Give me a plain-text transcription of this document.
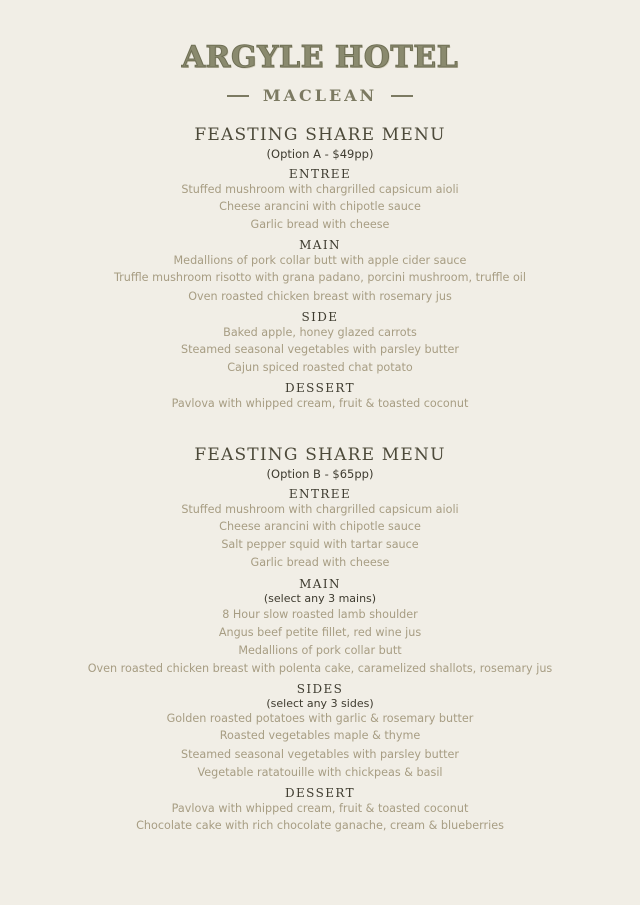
ARGYLE HOTEL
MACLEAN
FEASTING SHARE MENU
(Option A - $49pp)
ENTREE
Stuffed mushroom with chargrilled capsicum aioli
Cheese arancini with chipotle sauce
Garlic bread with cheese
MAIN
Medallions of pork collar butt with apple cider sauce
Truffle mushroom risotto with grana padano, porcini mushroom, truffle oil
Oven roasted chicken breast with rosemary jus
SIDE
Baked apple, honey glazed carrots
Steamed seasonal vegetables with parsley butter
Cajun spiced roasted chat potato
DESSERT
Pavlova with whipped cream, fruit & toasted coconut
FEASTING SHARE MENU
(Option B - $65pp)
ENTREE
Stuffed mushroom with chargrilled capsicum aioli
Cheese arancini with chipotle sauce
Salt pepper squid with tartar sauce
Garlic bread with cheese
MAIN
(select any 3 mains)
8 Hour slow roasted lamb shoulder
Angus beef petite fillet, red wine jus
Medallions of pork collar butt
Oven roasted chicken breast with polenta cake, caramelized shallots, rosemary jus
SIDES
(select any 3 sides)
Golden roasted potatoes with garlic & rosemary butter
Roasted vegetables maple & thyme
Steamed seasonal vegetables with parsley butter
Vegetable ratatouille with chickpeas & basil
DESSERT
Pavlova with whipped cream, fruit & toasted coconut
Chocolate cake with rich chocolate ganache, cream & blueberries
